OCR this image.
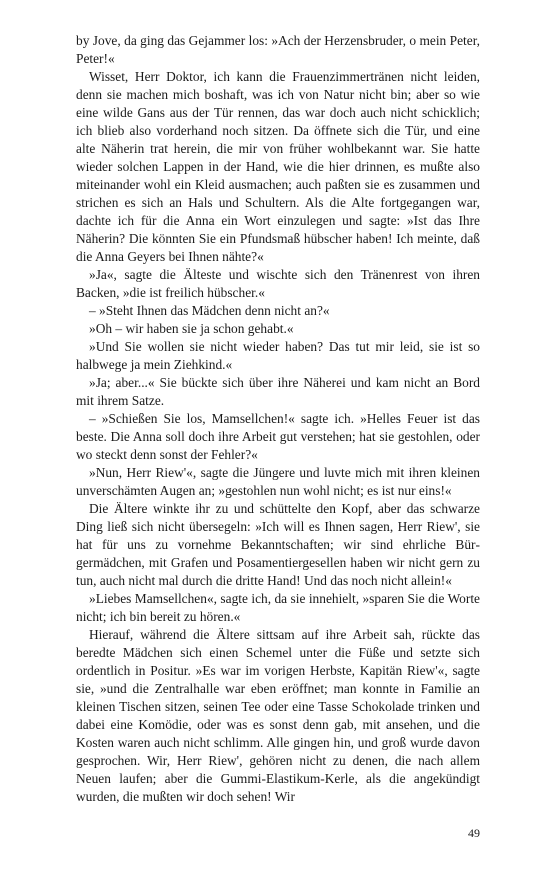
by Jove, da ging das Gejammer los: »Ach der Herzensbruder, o mein Peter, Peter!«

Wisset, Herr Doktor, ich kann die Frauenzimmertränen nicht leiden, denn sie machen mich boshaft, was ich von Natur nicht bin; aber so wie eine wilde Gans aus der Tür rennen, das war doch auch nicht schicklich; ich blieb also vorderhand noch sitzen. Da öffnete sich die Tür, und eine alte Näherin trat herein, die mir von früher wohlbekannt war. Sie hatte wieder solchen Lappen in der Hand, wie die hier drinnen, es mußte also miteinander wohl ein Kleid ausmachen; auch paßten sie es zusammen und strichen es sich an Hals und Schultern. Als die Alte fortgegangen war, dachte ich für die Anna ein Wort einzulegen und sagte: »Ist das Ihre Näherin? Die könnten Sie ein Pfundsmaß hübscher haben! Ich meinte, daß die Anna Geyers bei Ihnen nähte?«

»Ja«, sagte die Älteste und wischte sich den Tränenrest von ihren Backen, »die ist freilich hübscher.«

– »Steht Ihnen das Mädchen denn nicht an?«

»Oh – wir haben sie ja schon gehabt.«

»Und Sie wollen sie nicht wieder haben? Das tut mir leid, sie ist so halbwege ja mein Ziehkind.«

»Ja; aber...« Sie bückte sich über ihre Näherei und kam nicht an Bord mit ihrem Satze.

– »Schießen Sie los, Mamsellchen!« sagte ich. »Helles Feuer ist das beste. Die Anna soll doch ihre Arbeit gut verstehen; hat sie gestohlen, oder wo steckt denn sonst der Fehler?«

»Nun, Herr Riew'«, sagte die Jüngere und luvte mich mit ihren kleinen unverschämten Augen an; »gestohlen nun wohl nicht; es ist nur eins!«

Die Ältere winkte ihr zu und schüttelte den Kopf, aber das schwarze Ding ließ sich nicht übersegeln: »Ich will es Ihnen sagen, Herr Riew', sie hat für uns zu vornehme Bekanntschaften; wir sind ehrliche Bürgermädchen, mit Grafen und Posamentiergesellen haben wir nicht gern zu tun, auch nicht mal durch die dritte Hand! Und das noch nicht allein!«

»Liebes Mamsellchen«, sagte ich, da sie innehielt, »sparen Sie die Worte nicht; ich bin bereit zu hören.«

Hierauf, während die Ältere sittsam auf ihre Arbeit sah, rückte das beredte Mädchen sich einen Schemel unter die Füße und setzte sich ordentlich in Positur. »Es war im vorigen Herbste, Kapitän Riew'«, sagte sie, »und die Zentralhalle war eben eröffnet; man konnte in Familie an kleinen Tischen sitzen, seinen Tee oder eine Tasse Schokolade trinken und dabei eine Komödie, oder was es sonst denn gab, mit ansehen, und die Kosten waren auch nicht schlimm. Alle gingen hin, und groß wurde davon gesprochen. Wir, Herr Riew', gehören nicht zu denen, die nach allem Neuen laufen; aber die Gummi-Elastikum-Kerle, als die angekündigt wurden, die mußten wir doch sehen! Wir

49
